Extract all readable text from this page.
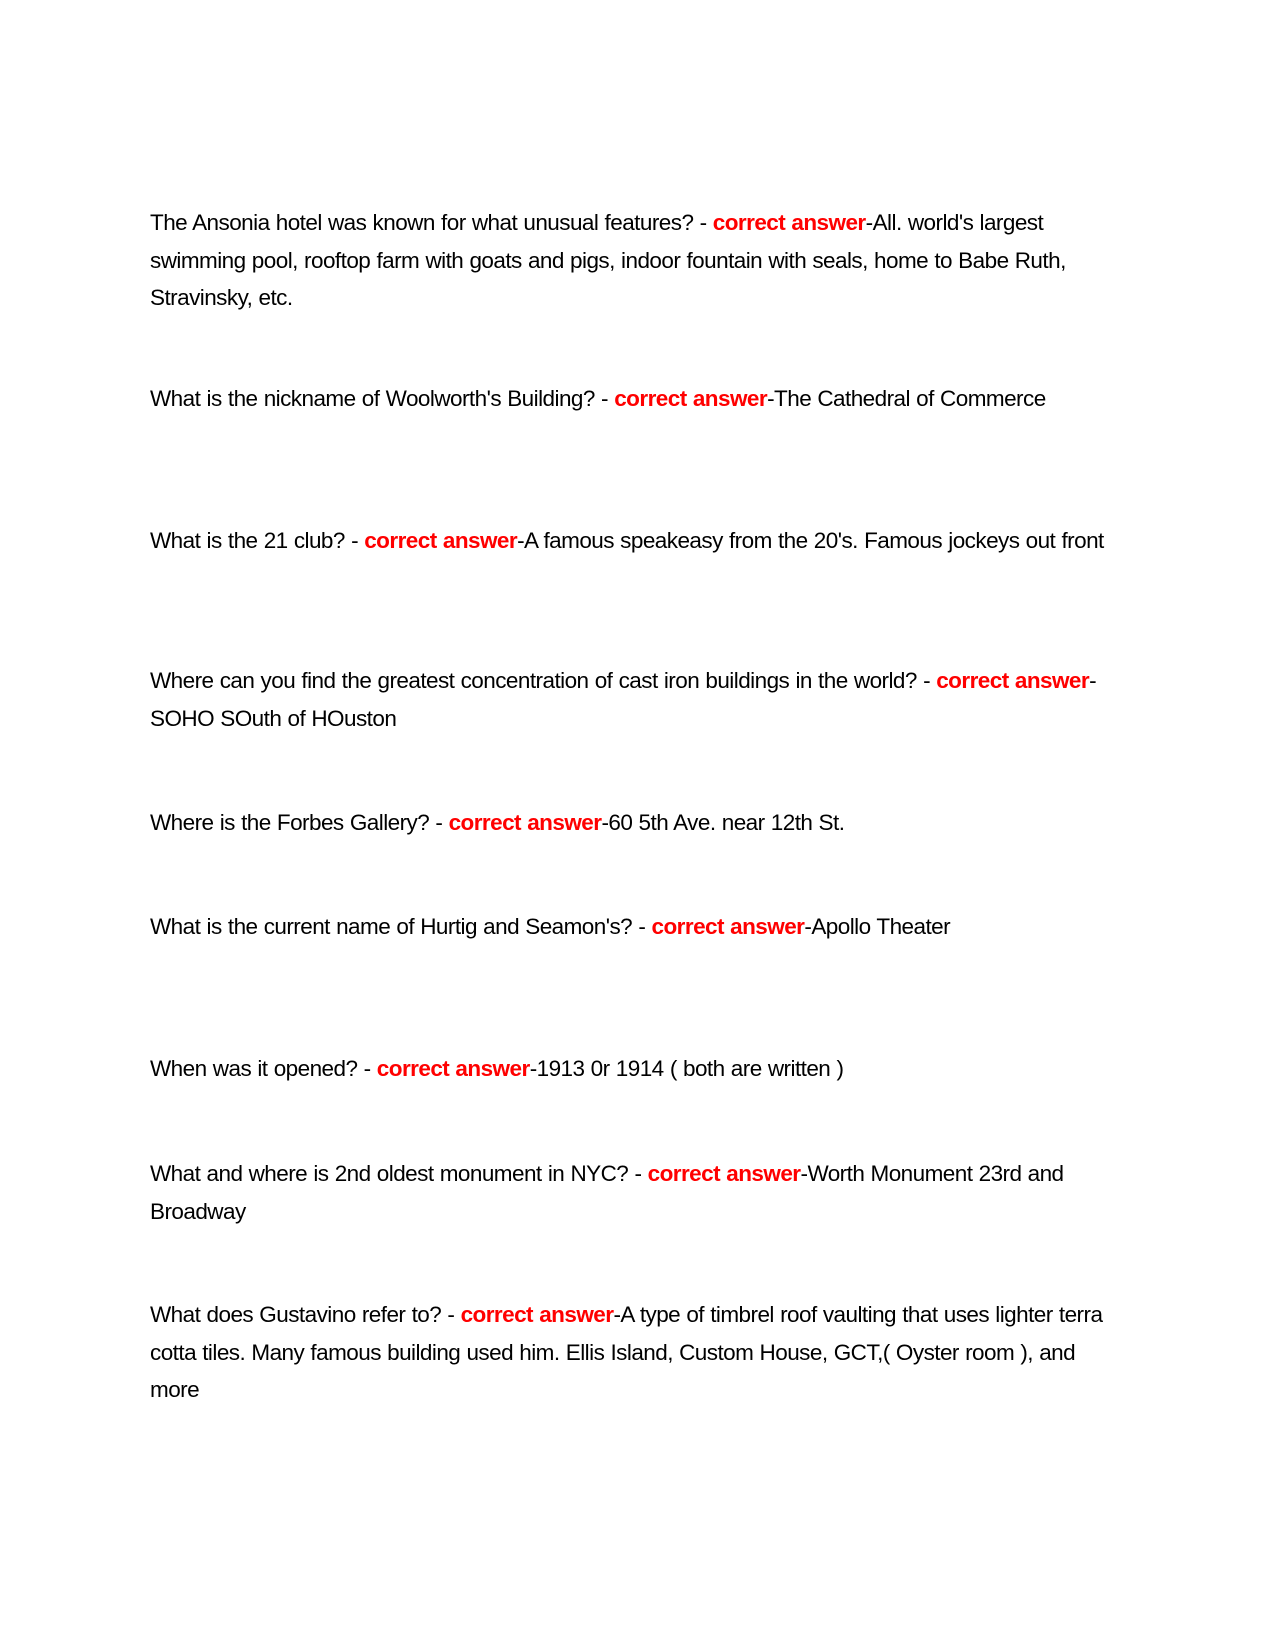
The Ansonia hotel was known for what unusual features? - correct answer-All. world's largest swimming pool, rooftop farm with goats and pigs, indoor fountain with seals, home to Babe Ruth, Stravinsky, etc.
What is the nickname of Woolworth's Building? - correct answer-The Cathedral of Commerce
What is the 21 club? - correct answer-A famous speakeasy from the 20's. Famous jockeys out front
Where can you find the greatest concentration of cast iron buildings in the world? - correct answer-SOHO SOuth of HOuston
Where is the Forbes Gallery? - correct answer-60 5th Ave. near 12th St.
What is the current name of Hurtig and Seamon's? - correct answer-Apollo Theater
When was it opened? - correct answer-1913 0r 1914 ( both are written )
What and where is 2nd oldest monument in NYC? - correct answer-Worth Monument 23rd and Broadway
What does Gustavino refer to? - correct answer-A type of timbrel roof vaulting that uses lighter terra cotta tiles. Many famous building used him. Ellis Island, Custom House, GCT,( Oyster room ), and more
